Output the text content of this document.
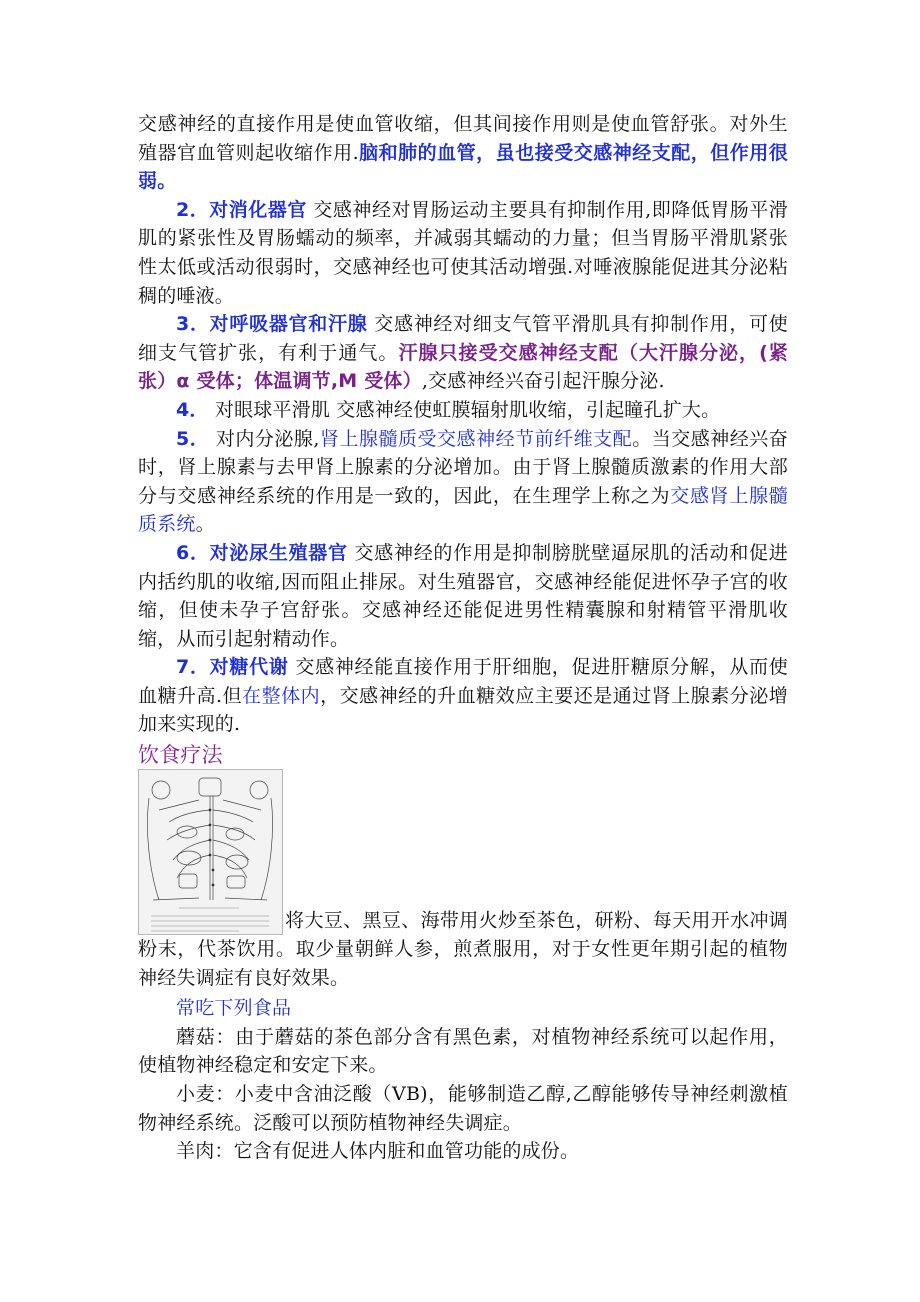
交感神经的直接作用是使血管收缩，但其间接作用则是使血管舒张。对外生殖器官血管则起收缩作用.脑和肺的血管，虽也接受交感神经支配，但作用很弱。

2．对消化器官 交感神经对胃肠运动主要具有抑制作用,即降低胃肠平滑肌的紧张性及胃肠蠕动的频率，并减弱其蠕动的力量；但当胃肠平滑肌紧张性太低或活动很弱时，交感神经也可使其活动增强.对唾液腺能促进其分泌粘稠的唾液。

3．对呼吸器官和汗腺 交感神经对细支气管平滑肌具有抑制作用，可使细支气管扩张，有利于通气。汗腺只接受交感神经支配（大汗腺分泌，(紧张）α 受体；体温调节,M 受体）,交感神经兴奋引起汗腺分泌.

4． 对眼球平滑肌 交感神经使虹膜辐射肌收缩，引起瞳孔扩大。

5． 对内分泌腺,肾上腺髓质受交感神经节前纤维支配。当交感神经兴奋时，肾上腺素与去甲肾上腺素的分泌增加。由于肾上腺髓质激素的作用大部分与交感神经系统的作用是一致的，因此，在生理学上称之为交感肾上腺髓质系统。

6．对泌尿生殖器官 交感神经的作用是抑制膀胱壁逼尿肌的活动和促进内括约肌的收缩,因而阻止排尿。对生殖器官，交感神经能促进怀孕子宫的收缩，但使未孕子宫舒张。交感神经还能促进男性精囊腺和射精管平滑肌收缩，从而引起射精动作。

7．对糖代谢 交感神经能直接作用于肝细胞，促进肝糖原分解，从而使血糖升高.但在整体内，交感神经的升血糖效应主要还是通过肾上腺素分泌增加来实现的.

饮食疗法

将大豆、黑豆、海带用火炒至茶色，研粉、每天用开水冲调粉末，代茶饮用。取少量朝鲜人参，煎煮服用，对于女性更年期引起的植物神经失调症有良好效果。

常吃下列食品

蘑菇：由于蘑菇的茶色部分含有黑色素，对植物神经系统可以起作用，使植物神经稳定和安定下来。

小麦：小麦中含油泛酸（VB)，能够制造乙醇,乙醇能够传导神经刺激植物神经系统。泛酸可以预防植物神经失调症。

羊肉：它含有促进人体内脏和血管功能的成份。
